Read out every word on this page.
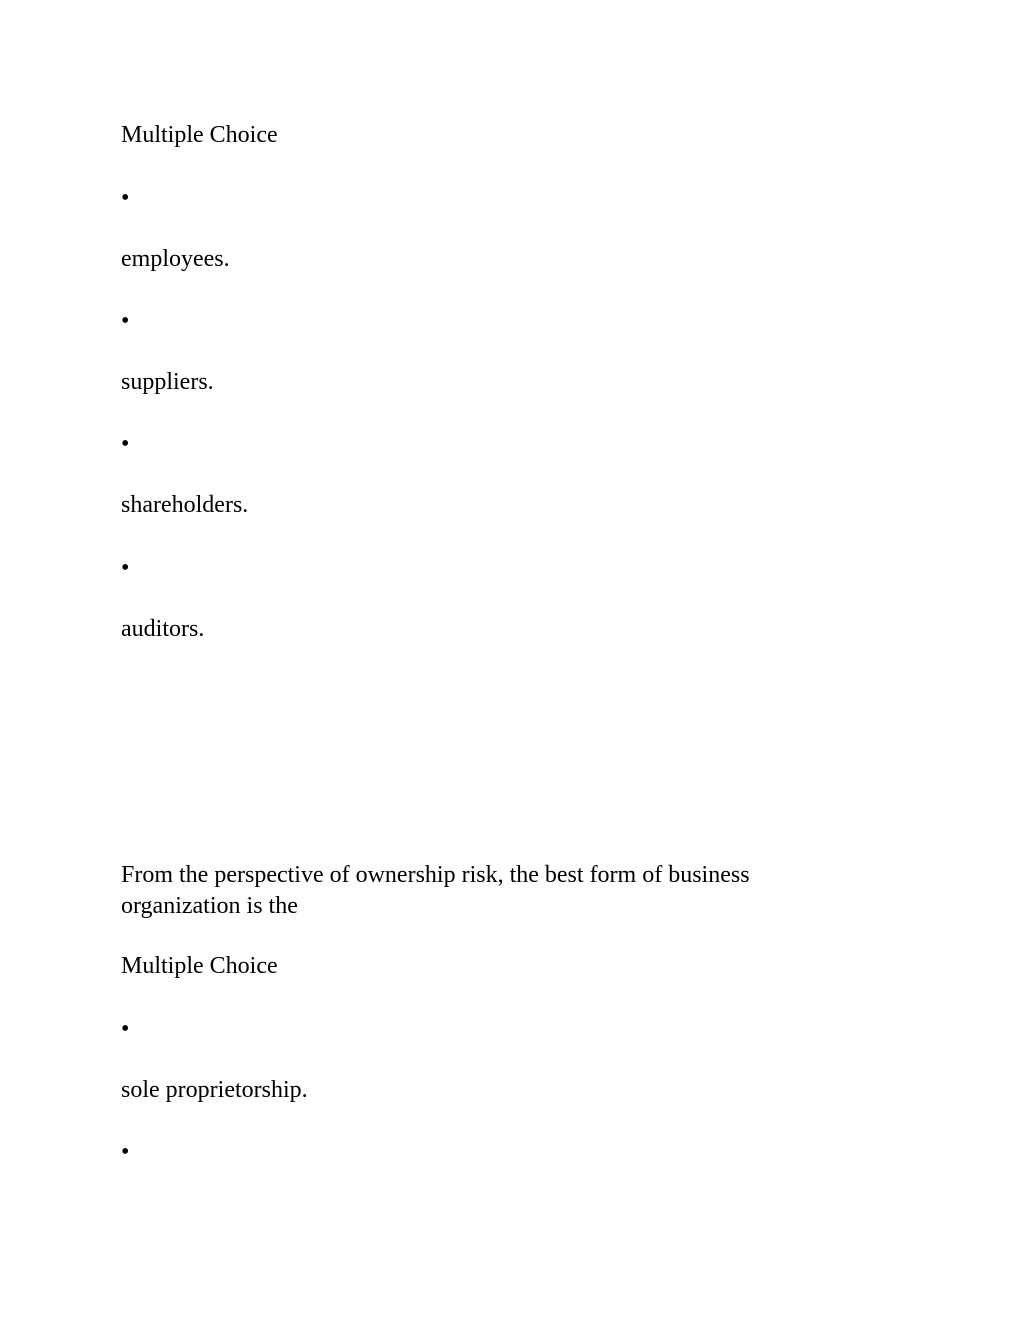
Multiple Choice
•
employees.
•
suppliers.
•
shareholders.
•
auditors.
From the perspective of ownership risk, the best form of business organization is the
Multiple Choice
•
sole proprietorship.
•
